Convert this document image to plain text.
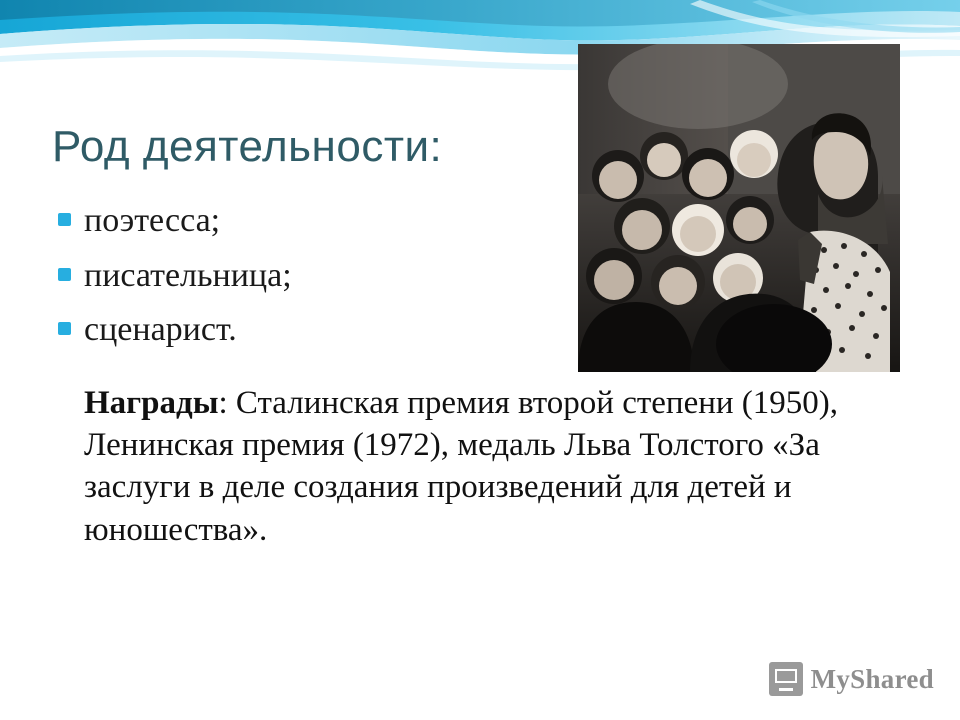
Род деятельности:
поэтесса;
писательница;
сценарист.
Награды: Сталинская премия второй степени (1950), Ленинская премия (1972), медаль Льва Толстого «За заслуги в деле создания произведений для детей и юношества».
MyShared
